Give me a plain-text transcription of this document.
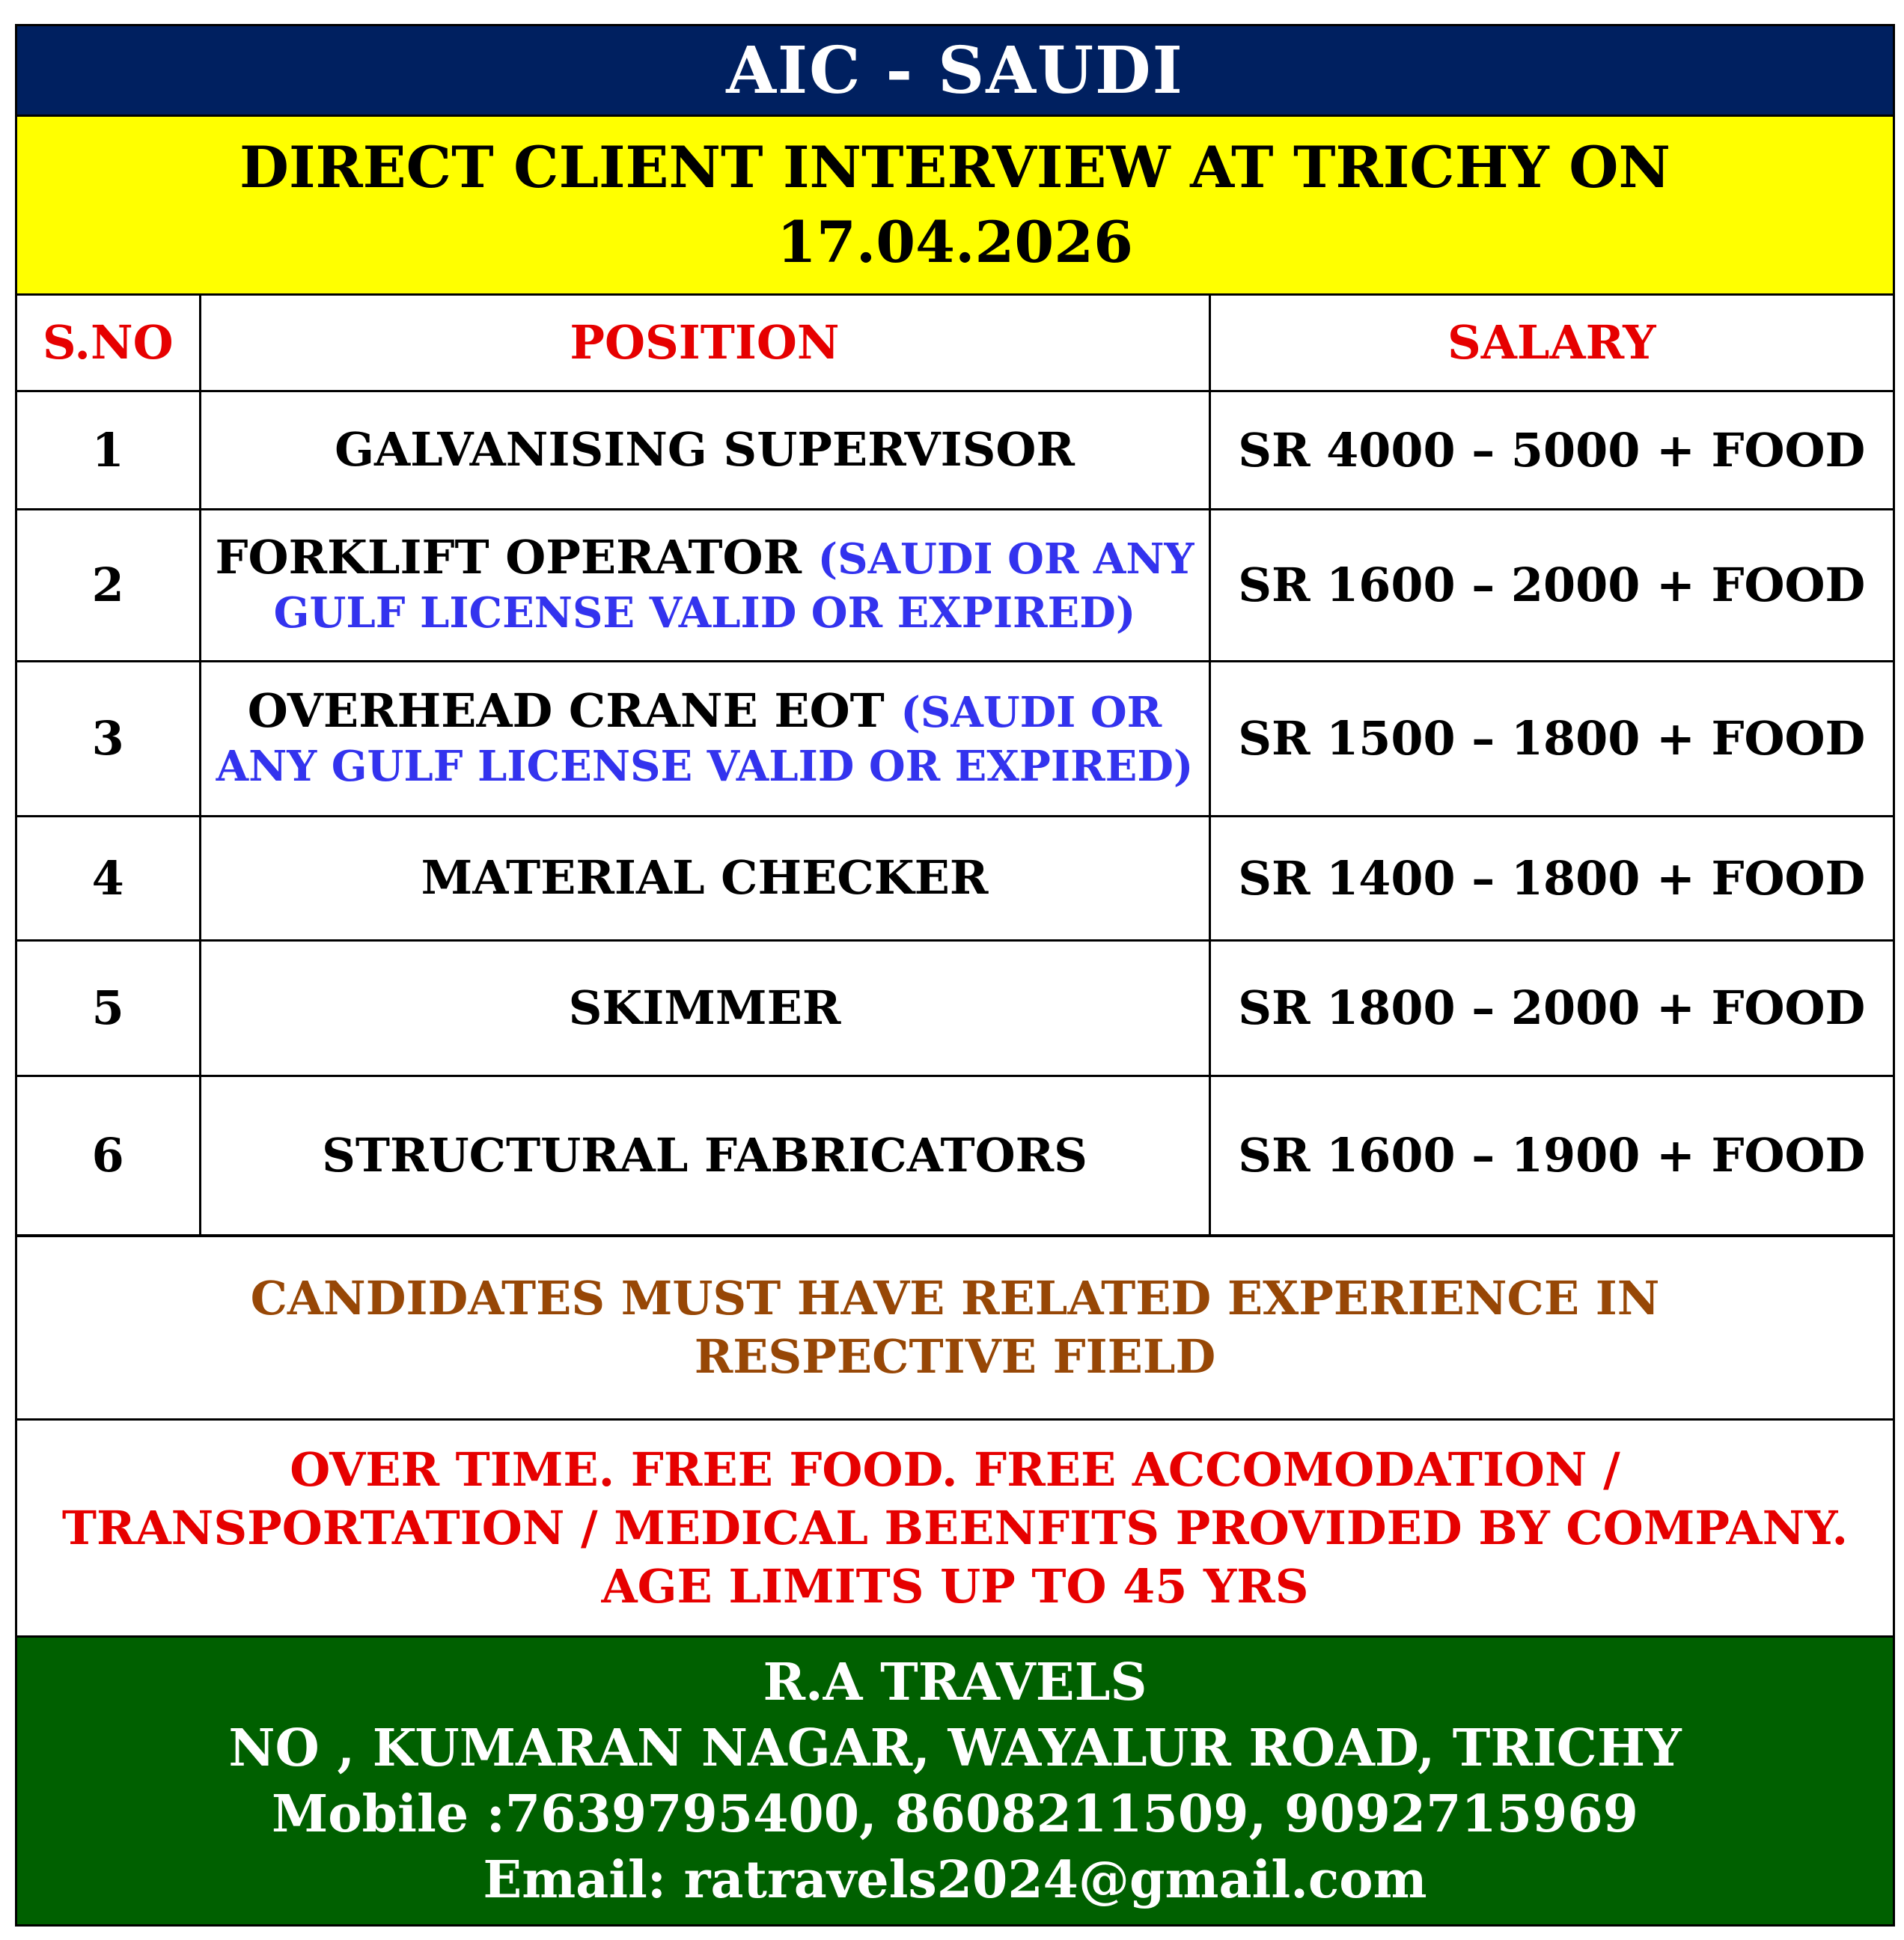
AIC - SAUDI
DIRECT CLIENT INTERVIEW AT TRICHY ON
17.04.2026
S.NO	POSITION	SALARY
1	GALVANISING SUPERVISOR	SR 4000 – 5000 + FOOD
2	FORKLIFT OPERATOR (SAUDI OR ANY GULF LICENSE VALID OR EXPIRED)	SR 1600 – 2000 + FOOD
3	OVERHEAD CRANE EOT (SAUDI OR ANY GULF LICENSE VALID OR EXPIRED)	SR 1500 – 1800 + FOOD
4	MATERIAL CHECKER	SR 1400 – 1800 + FOOD
5	SKIMMER	SR 1800 – 2000 + FOOD
6	STRUCTURAL FABRICATORS	SR 1600 – 1900 + FOOD
CANDIDATES MUST HAVE RELATED EXPERIENCE IN
RESPECTIVE FIELD
OVER TIME. FREE FOOD. FREE ACCOMODATION /
TRANSPORTATION / MEDICAL BEENFITS PROVIDED BY COMPANY.
AGE LIMITS UP TO 45 YRS
R.A TRAVELS
NO , KUMARAN NAGAR, WAYALUR ROAD, TRICHY
Mobile :7639795400, 8608211509, 9092715969
Email: ratravels2024@gmail.com
